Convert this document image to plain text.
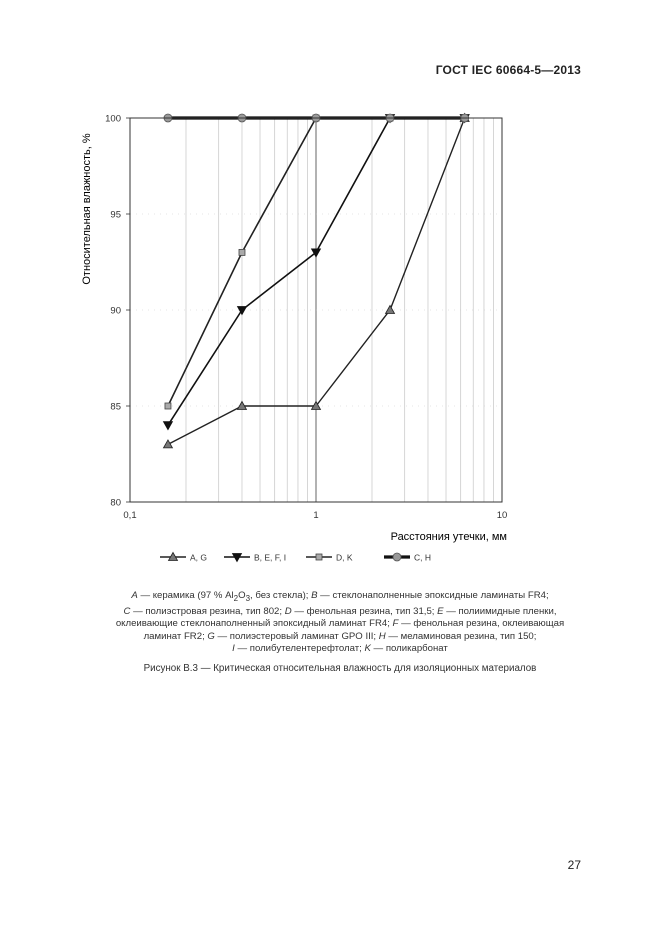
ГОСТ IEC 60664-5—2013
80
85
90
95
100
0,1	1	10
Расстояния утечки, мм
Относительная влажность, %
A, G	B, E, F, I	D, K	C, H
A — керамика (97 % $Al_2O_3$, без стекла); B — стеклонаполненные эпоксидные ламинаты FR4;
C — полиэстровая резина, тип 802; D — фенольная резина, тип 31,5; E — полиимидные пленки,
оклеивающие стеклонаполненный эпоксидный ламинат FR4; F — фенольная резина, оклеивающая
ламинат FR2; G — полиэстеровый ламинат GPO III; H — меламиновая резина, тип 150;
I — полибутелентерефтолат; K — поликарбонат
Рисунок В.3 — Критическая относительная влажность для изоляционных материалов
27
